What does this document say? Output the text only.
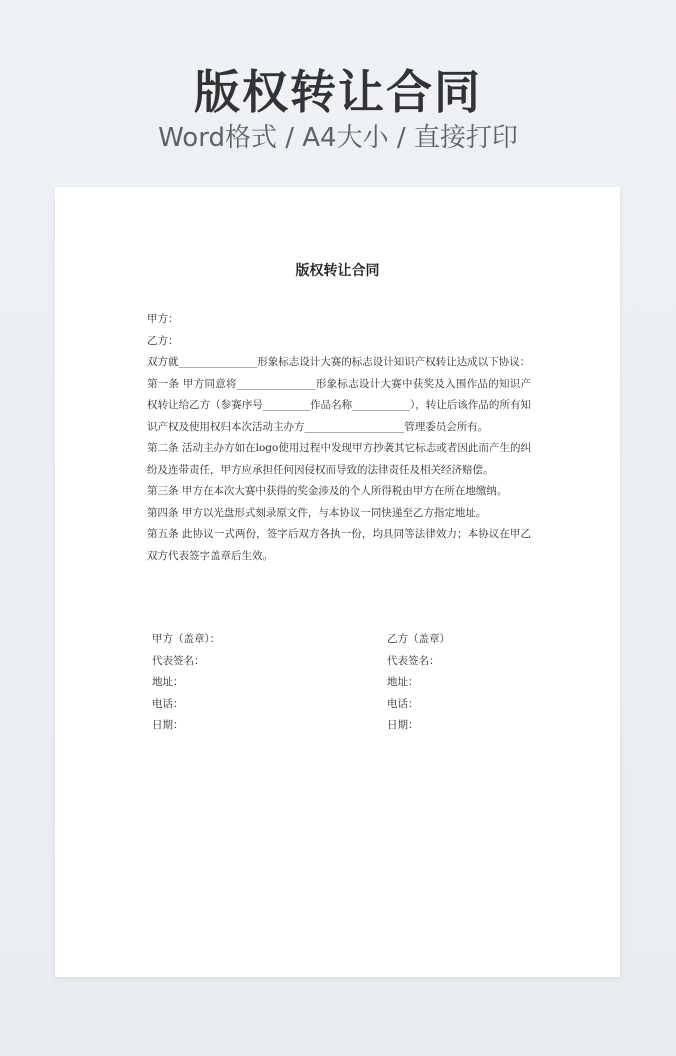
版权转让合同
Word格式 / A4大小 / 直接打印
版权转让合同

甲方：

乙方：

双方就_______________形象标志设计大赛的标志设计知识产权转让达成以下协议：

第一条 甲方同意将_______________形象标志设计大赛中获奖及入围作品的知识产权转让给乙方（参赛序号_________作品名称___________），转让后该作品的所有知识产权及使用权归本次活动主办方___________________管理委员会所有。

第二条 活动主办方如在logo使用过程中发现甲方抄袭其它标志或者因此而产生的纠纷及连带责任，甲方应承担任何因侵权而导致的法律责任及相关经济赔偿。

第三条 甲方在本次大赛中获得的奖金涉及的个人所得税由甲方在所在地缴纳。

第四条 甲方以光盘形式刻录原文件，与本协议一同快递至乙方指定地址。

第五条 此协议一式两份，签字后双方各执一份，均具同等法律效力；本协议在甲乙双方代表签字盖章后生效。

甲方（盖章）：	乙方（盖章）
代表签名：	代表签名：
地址：	地址：
电话：	电话：
日期：	日期：
